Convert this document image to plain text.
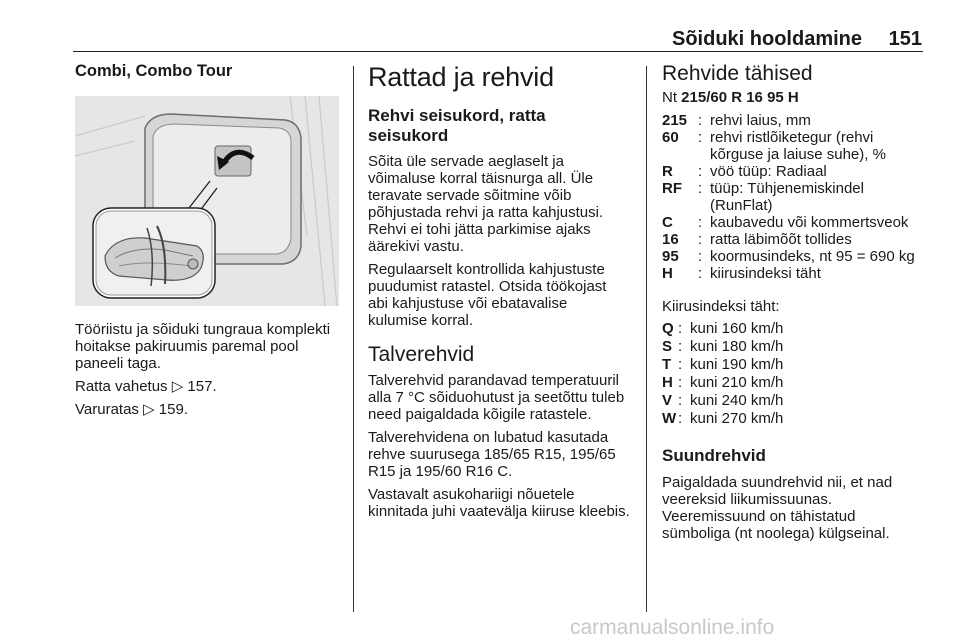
Sõiduki hooldamine 151
Combi, Combo Tour

Tööriistu ja sõiduki tungraua komplekti hoitakse pakiruumis paremal pool paneeli taga.

Ratta vahetus ▷ 157.

Varuratas ▷ 159.

Rattad ja rehvid
Rehvi seisukord, ratta seisukord

Sõita üle servade aeglaselt ja võimaluse korral täisnurga all. Üle teravate servade sõitmine võib põhjustada rehvi ja ratta kahjustusi. Rehvi ei tohi jätta parkimise ajaks äärekivi vastu.

Regulaarselt kontrollida kahjustuste puudumist ratastel. Otsida töökojast abi kahjustuse või ebatavalise kulumise korral.

Talverehvid

Talverehvid parandavad temperatuuril alla 7 °C sõiduohutust ja seetõttu tuleb need paigaldada kõigile ratastele.

Talverehvidena on lubatud kasutada rehve suurusega 185/65 R15, 195/65 R15 ja 195/60 R16 C.

Vastavalt asukohariigi nõuetele kinnitada juhi vaatevälja kiiruse kleebis.

Rehvide tähised

Nt 215/60 R 16 95 H

215 : rehvi laius, mm
60	: rehvi ristlõiketegur (rehvi kõrguse ja laiuse suhe), %
R	: vöö tüüp: Radiaal
RF	: tüüp: Tühjenemiskindel (RunFlat)
C	: kaubavedu või kommertsveok
16	: ratta läbimõõt tollides
95	: koormusindeks, nt 95 = 690 kg
H	: kiirusindeksi täht

Kiirusindeksi täht:

Q : kuni 160 km/h
S : kuni 180 km/h
T : kuni 190 km/h
H : kuni 210 km/h
V : kuni 240 km/h
W : kuni 270 km/h
Suundrehvid

Paigaldada suundrehvid nii, et nad veereksid liikumissuunas. Veeremissuund on tähistatud sümboliga (nt noolega) külgseinal.

carmanualsonline.info
